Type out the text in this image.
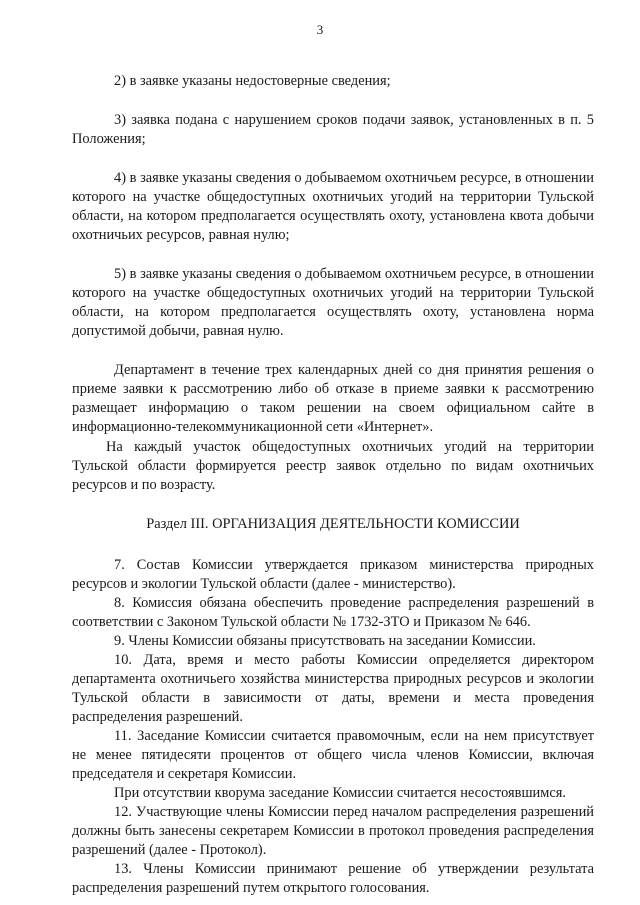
3

2) в заявке указаны недостоверные сведения;

3) заявка подана с нарушением сроков подачи заявок, установленных в п. 5 Положения;

4) в заявке указаны сведения о добываемом охотничьем ресурсе, в отношении которого на участке общедоступных охотничьих угодий на территории Тульской области, на котором предполагается осуществлять охоту, установлена квота добычи охотничьих ресурсов, равная нулю;

5) в заявке указаны сведения о добываемом охотничьем ресурсе, в отношении которого на участке общедоступных охотничьих угодий на территории Тульской области, на котором предполагается осуществлять охоту, установлена норма допустимой добычи, равная нулю.

Департамент в течение трех календарных дней со дня принятия решения о приеме заявки к рассмотрению либо об отказе в приеме заявки к рассмотрению размещает информацию о таком решении на своем официальном сайте в информационно-телекоммуникационной сети «Интернет».

На каждый участок общедоступных охотничьих угодий на территории Тульской области формируется реестр заявок отдельно по видам охотничьих ресурсов и по возрасту.

Раздел III. ОРГАНИЗАЦИЯ ДЕЯТЕЛЬНОСТИ КОМИССИИ

7. Состав Комиссии утверждается приказом министерства природных ресурсов и экологии Тульской области (далее - министерство).

8. Комиссия обязана обеспечить проведение распределения разрешений в соответствии с Законом Тульской области № 1732-ЗТО и Приказом № 646.

9. Члены Комиссии обязаны присутствовать на заседании Комиссии.

10. Дата, время и место работы Комиссии определяется директором департамента охотничьего хозяйства министерства природных ресурсов и экологии Тульской области в зависимости от даты, времени и места проведения распределения разрешений.

11. Заседание Комиссии считается правомочным, если на нем присутствует не менее пятидесяти процентов от общего числа членов Комиссии, включая председателя и секретаря Комиссии.

При отсутствии кворума заседание Комиссии считается несостоявшимся.

12. Участвующие члены Комиссии перед началом распределения разрешений должны быть занесены секретарем Комиссии в протокол проведения распределения разрешений (далее - Протокол).

13. Члены Комиссии принимают решение об утверждении результата распределения разрешений путем открытого голосования.
